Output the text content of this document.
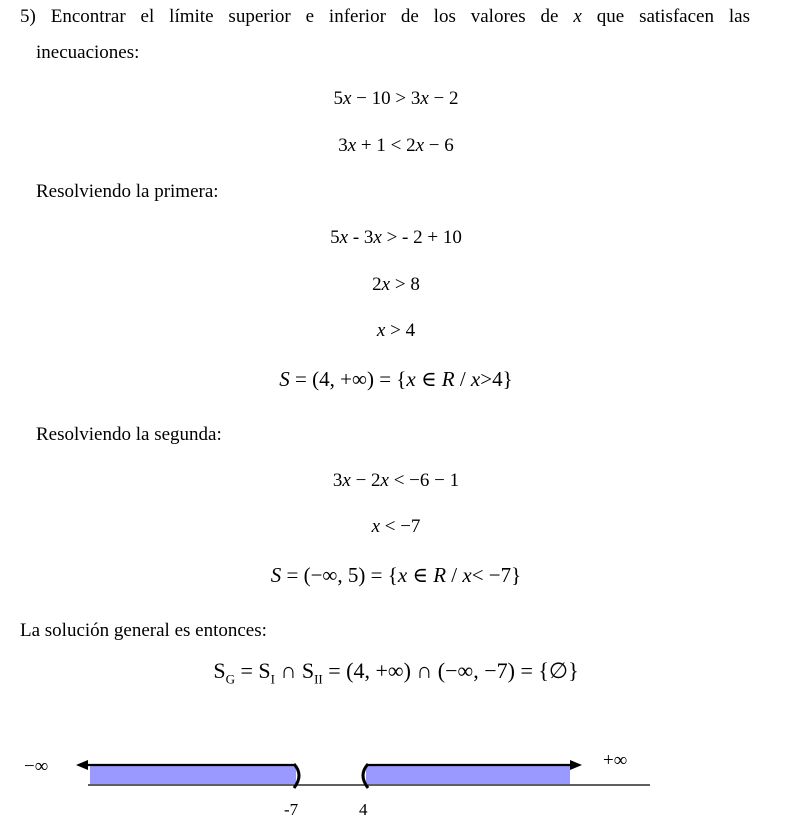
5) Encontrar el límite superior e inferior de los valores de x que satisfacen las
inecuaciones:
5x − 10 > 3x − 2
3x + 1 < 2x − 6
Resolviendo la primera:
5x - 3x > - 2 + 10
2x > 8
x > 4
S = (4, +∞) = {x ∈ R / x>4}
Resolviendo la segunda:
3x − 2x < −6 − 1
x < −7
S = (−∞, 5) = {x ∈ R / x< −7}
La solución general es entonces:
$S_G = S_I$ ∩ $S_{II} = (4$, +∞) ∩ (−∞, −7) = {∅}
−∞	+∞
-7	4
